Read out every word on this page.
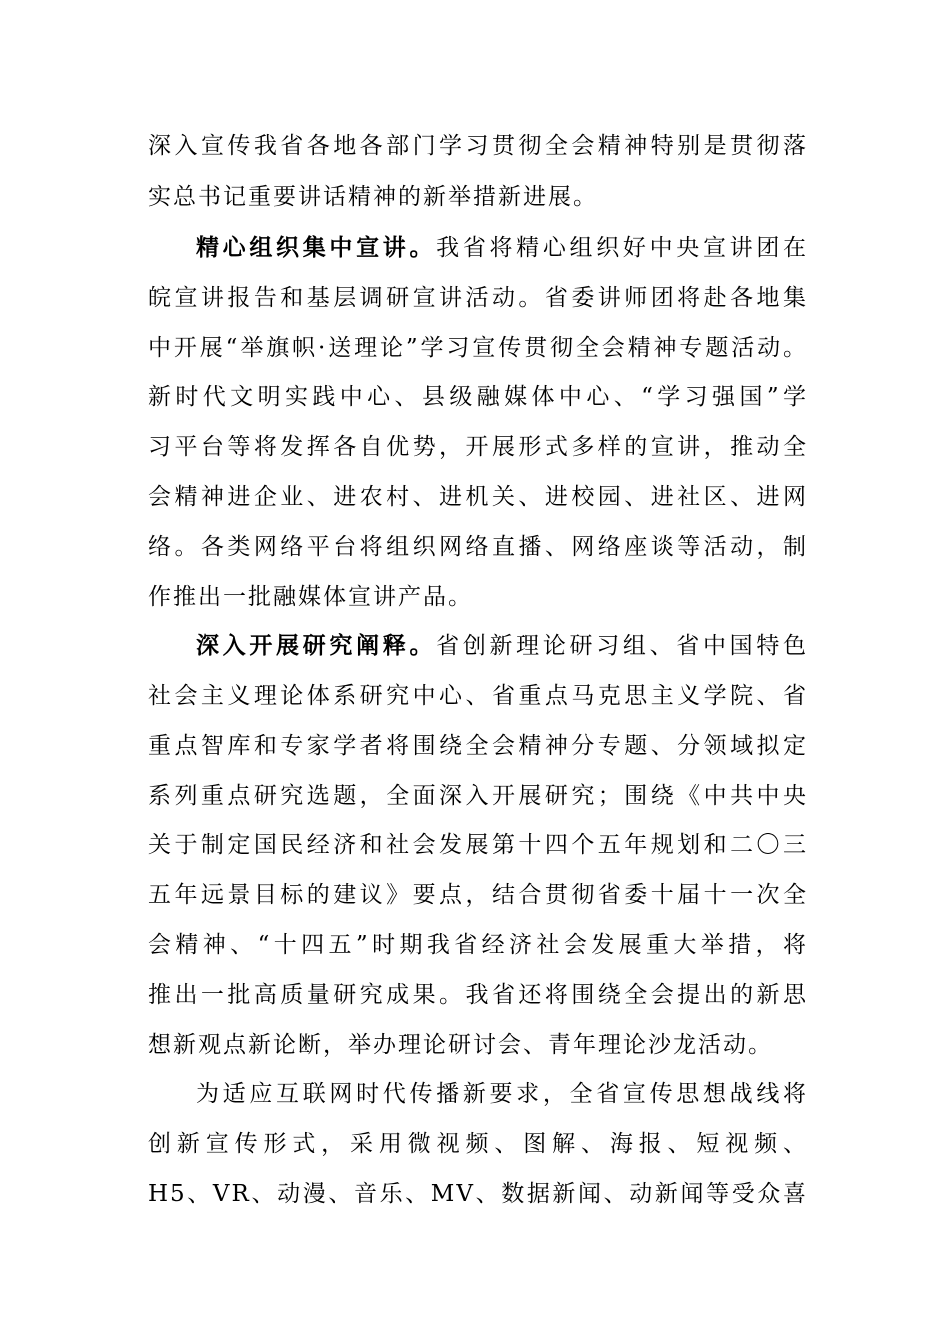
深入宣传我省各地各部门学习贯彻全会精神特别是贯彻落
实总书记重要讲话精神的新举措新进展。
精心组织集中宣讲。我省将精心组织好中央宣讲团在
皖宣讲报告和基层调研宣讲活动。省委讲师团将赴各地集
中开展“举旗帜·送理论”学习宣传贯彻全会精神专题活动。
新时代文明实践中心、县级融媒体中心、“学习强国”学
习平台等将发挥各自优势，开展形式多样的宣讲，推动全
会精神进企业、进农村、进机关、进校园、进社区、进网
络。各类网络平台将组织网络直播、网络座谈等活动，制
作推出一批融媒体宣讲产品。
深入开展研究阐释。省创新理论研习组、省中国特色
社会主义理论体系研究中心、省重点马克思主义学院、省
重点智库和专家学者将围绕全会精神分专题、分领域拟定
系列重点研究选题，全面深入开展研究；围绕《中共中央
关于制定国民经济和社会发展第十四个五年规划和二〇三
五年远景目标的建议》要点，结合贯彻省委十届十一次全
会精神、“十四五”时期我省经济社会发展重大举措，将
推出一批高质量研究成果。我省还将围绕全会提出的新思
想新观点新论断，举办理论研讨会、青年理论沙龙活动。
为适应互联网时代传播新要求，全省宣传思想战线将
创新宣传形式，采用微视频、图解、海报、短视频、
H5、VR、动漫、音乐、MV、数据新闻、动新闻等受众喜
